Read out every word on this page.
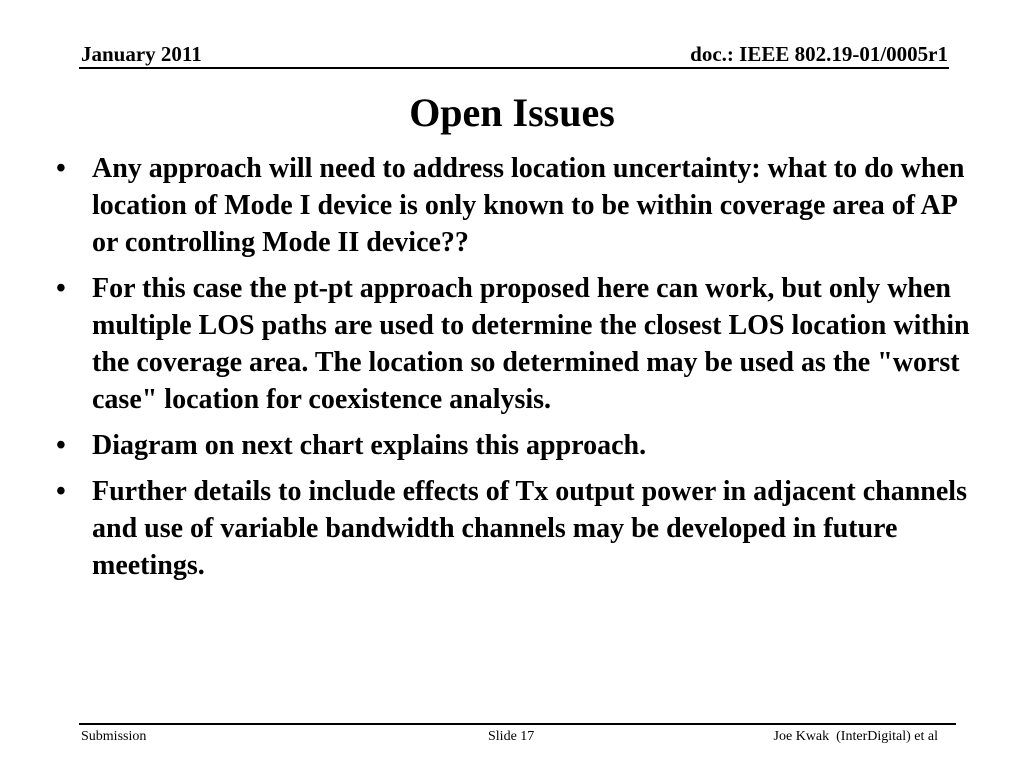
January 2011	doc.: IEEE 802.19-01/0005r1
Open Issues
• Any approach will need to address location uncertainty: what to do when location of Mode I device is only known to be within coverage area of AP or controlling Mode II device??
• For this case the pt-pt approach proposed here can work, but only when multiple LOS paths are used to determine the closest LOS location within the coverage area. The location so determined may be used as the "worst case" location for coexistence analysis.
• Diagram on next chart explains this approach.
• Further details to include effects of Tx output power in adjacent channels and use of variable bandwidth channels may be developed in future meetings.
Submission	Slide 17	Joe Kwak  (InterDigital) et al
